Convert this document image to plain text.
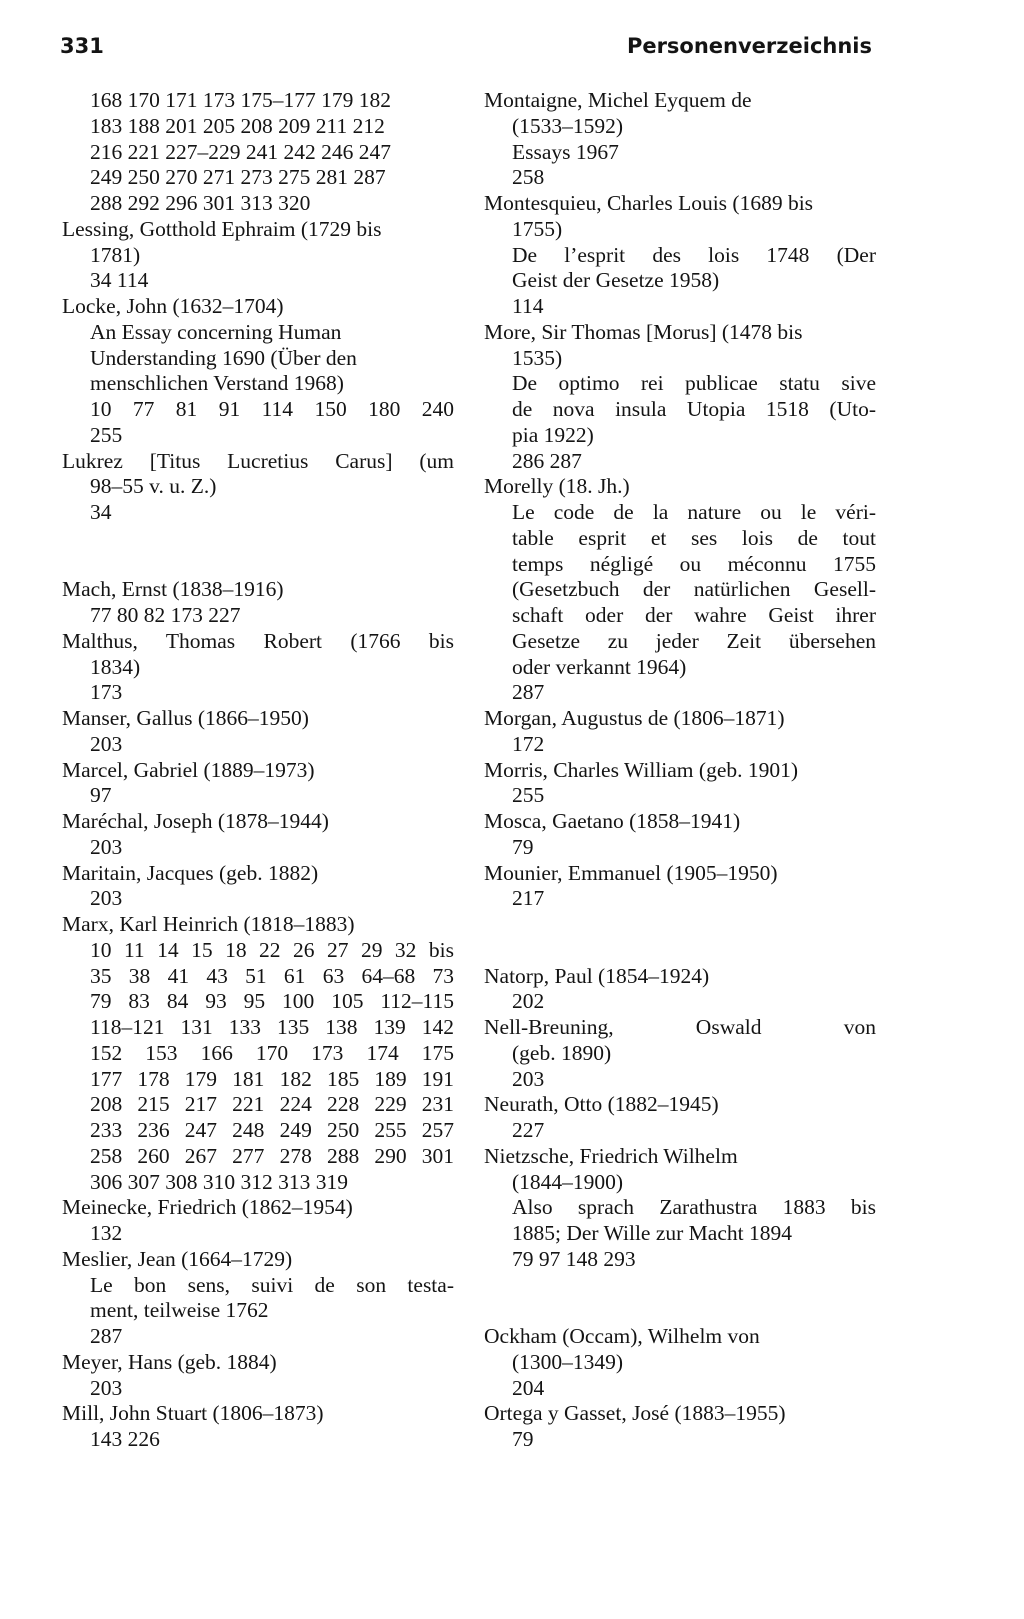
331	Personenverzeichnis
168 170 171 173 175–177 179 182
183 188 201 205 208 209 211 212
216 221 227–229 241 242 246 247
249 250 270 271 273 275 281 287
288 292 296 301 313 320
Lessing, Gotthold Ephraim (1729 bis
1781)
34 114
Locke, John (1632–1704)
An Essay concerning Human
Understanding 1690 (Über den
menschlichen Verstand 1968)
10 77 81 91 114 150 180 240
255
Lukrez [Titus Lucretius Carus] (um
98–55 v. u. Z.)
34
Mach, Ernst (1838–1916)
77 80 82 173 227
Malthus, Thomas Robert (1766 bis
1834)
173
Manser, Gallus (1866–1950)
203
Marcel, Gabriel (1889–1973)
97
Maréchal, Joseph (1878–1944)
203
Maritain, Jacques (geb. 1882)
203
Marx, Karl Heinrich (1818–1883)
10 11 14 15 18 22 26 27 29 32 bis
35 38 41 43 51 61 63 64–68 73
79 83 84 93 95 100 105 112–115
118–121 131 133 135 138 139 142
152 153 166 170 173 174 175
177 178 179 181 182 185 189 191
208 215 217 221 224 228 229 231
233 236 247 248 249 250 255 257
258 260 267 277 278 288 290 301
306 307 308 310 312 313 319
Meinecke, Friedrich (1862–1954)
132
Meslier, Jean (1664–1729)
Le bon sens, suivi de son testa-
ment, teilweise 1762
287
Meyer, Hans (geb. 1884)
203
Mill, John Stuart (1806–1873)
143 226
Montaigne, Michel Eyquem de
(1533–1592)
Essays 1967
258
Montesquieu, Charles Louis (1689 bis
1755)
De l’esprit des lois 1748 (Der
Geist der Gesetze 1958)
114
More, Sir Thomas [Morus] (1478 bis
1535)
De optimo rei publicae statu sive
de nova insula Utopia 1518 (Uto-
pia 1922)
286 287
Morelly (18. Jh.)
Le code de la nature ou le véri-
table esprit et ses lois de tout
temps négligé ou méconnu 1755
(Gesetzbuch der natürlichen Gesell-
schaft oder der wahre Geist ihrer
Gesetze zu jeder Zeit übersehen
oder verkannt 1964)
287
Morgan, Augustus de (1806–1871)
172
Morris, Charles William (geb. 1901)
255
Mosca, Gaetano (1858–1941)
79
Mounier, Emmanuel (1905–1950)
217
Natorp, Paul (1854–1924)
202
Nell-Breuning, Oswald von
(geb. 1890)
203
Neurath, Otto (1882–1945)
227
Nietzsche, Friedrich Wilhelm
(1844–1900)
Also sprach Zarathustra 1883 bis
1885; Der Wille zur Macht 1894
79 97 148 293
Ockham (Occam), Wilhelm von
(1300–1349)
204
Ortega y Gasset, José (1883–1955)
79
